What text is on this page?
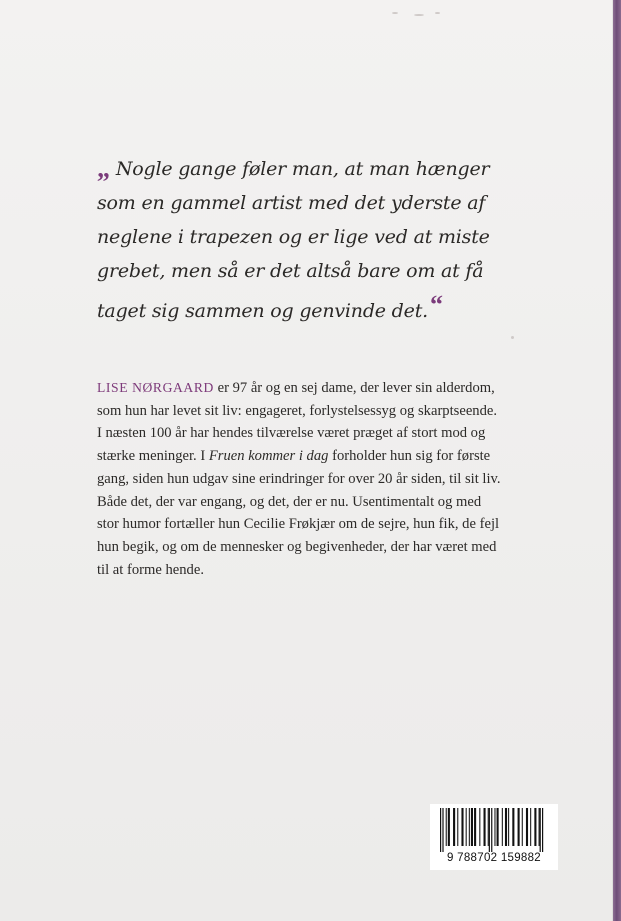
„ Nogle gange føler man, at man hænger
som en gammel artist med det yderste af
neglene i trapezen og er lige ved at miste
grebet, men så er det altså bare om at få
taget sig sammen og genvinde det.“
LISE NØRGAARD er 97 år og en sej dame, der lever sin alderdom,
som hun har levet sit liv: engageret, forlystelsessyg og skarptseende.
I næsten 100 år har hendes tilværelse været præget af stort mod og
stærke meninger. I Fruen kommer i dag forholder hun sig for første
gang, siden hun udgav sine erindringer for over 20 år siden, til sit liv.
Både det, der var engang, og det, der er nu. Usentimentalt og med
stor humor fortæller hun Cecilie Frøkjær om de sejre, hun fik, de fejl
hun begik, og om de mennesker og begivenheder, der har været med
til at forme hende.
9 788702 159882
